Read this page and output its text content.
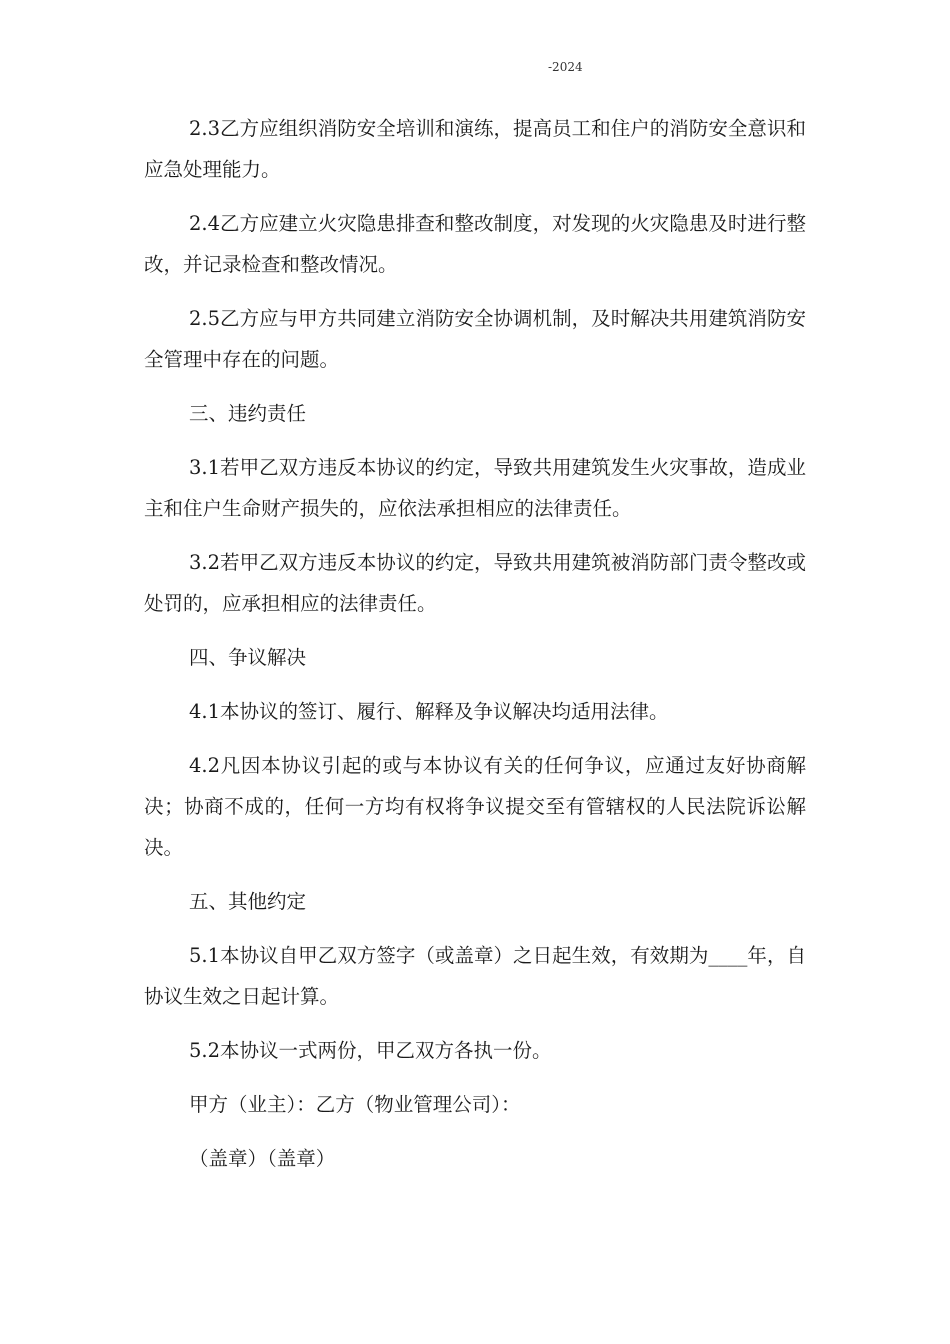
-2024

2.3乙方应组织消防安全培训和演练，提高员工和住户的消防安全意识和应急处理能力。

2.4乙方应建立火灾隐患排查和整改制度，对发现的火灾隐患及时进行整改，并记录检查和整改情况。

2.5乙方应与甲方共同建立消防安全协调机制，及时解决共用建筑消防安全管理中存在的问题。

三、违约责任

3.1若甲乙双方违反本协议的约定，导致共用建筑发生火灾事故，造成业主和住户生命财产损失的，应依法承担相应的法律责任。

3.2若甲乙双方违反本协议的约定，导致共用建筑被消防部门责令整改或处罚的，应承担相应的法律责任。

四、争议解决

4.1本协议的签订、履行、解释及争议解决均适用法律。

4.2凡因本协议引起的或与本协议有关的任何争议，应通过友好协商解决；协商不成的，任何一方均有权将争议提交至有管辖权的人民法院诉讼解决。

五、其他约定

5.1本协议自甲乙双方签字（或盖章）之日起生效，有效期为____年，自协议生效之日起计算。

5.2本协议一式两份，甲乙双方各执一份。

甲方（业主）：乙方（物业管理公司）：

（盖章）（盖章）
